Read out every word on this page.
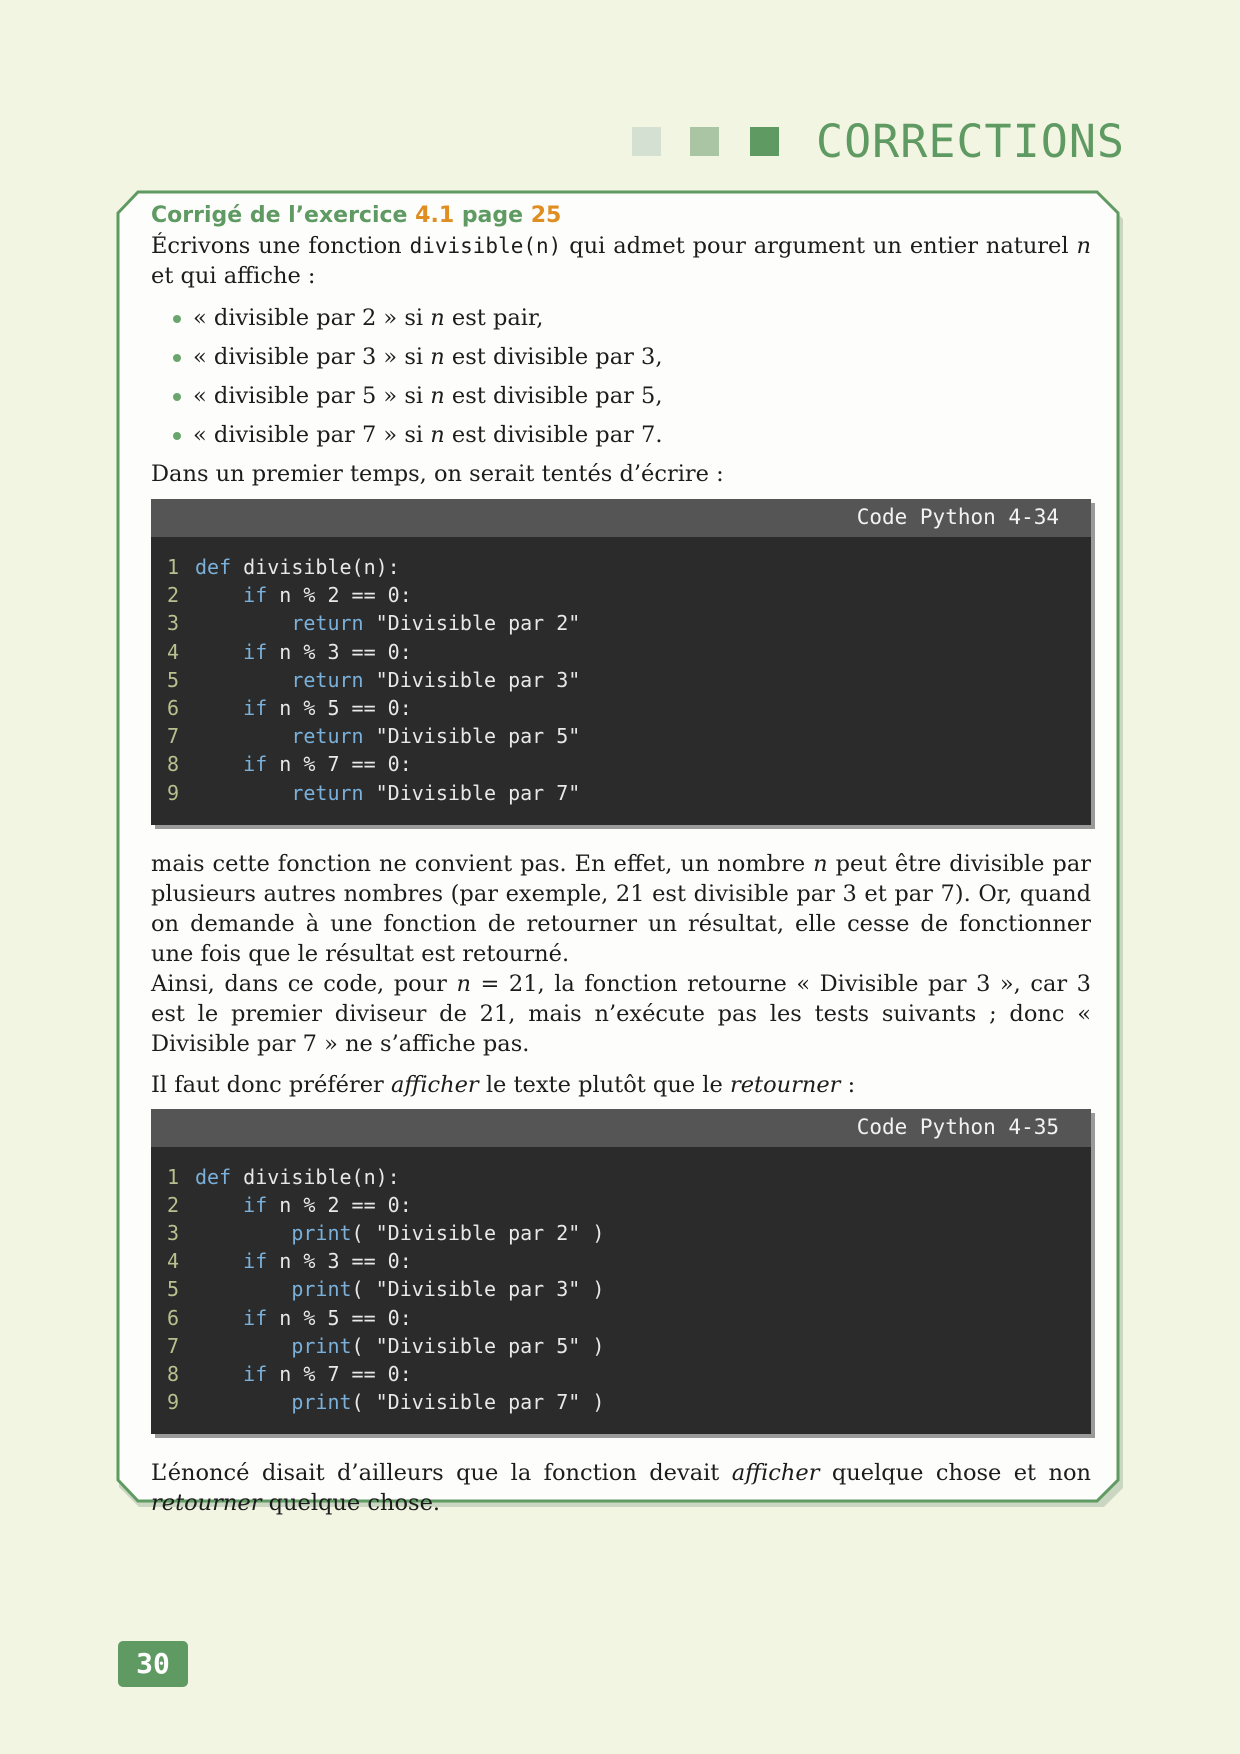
CORRECTIONS

Corrigé de l’exercice 4.1 page 25

Écrivons une fonction divisible(n) qui admet pour argument un entier naturel n et qui affiche :

« divisible par 2 » si n est pair,
« divisible par 3 » si n est divisible par 3,
« divisible par 5 » si n est divisible par 5,
« divisible par 7 » si n est divisible par 7.

Dans un premier temps, on serait tentés d’écrire :

Code Python 4-34
1 def divisible(n):
2	if n % 2 == 0:
3	return "Divisible par 2"
4	if n % 3 == 0:
5	return "Divisible par 3"
6	if n % 5 == 0:
7	return "Divisible par 5"
8	if n % 7 == 0:
9	return "Divisible par 7"

mais cette fonction ne convient pas. En effet, un nombre n peut être divisible par plusieurs autres nombres (par exemple, 21 est divisible par 3 et par 7). Or, quand on demande à une fonction de retourner un résultat, elle cesse de fonctionner une fois que le résultat est retourné.

Ainsi, dans ce code, pour n = 21, la fonction retourne « Divisible par 3 », car 3 est le premier diviseur de 21, mais n’exécute pas les tests suivants ; donc « Divisible par 7 » ne s’affiche pas.

Il faut donc préférer afficher le texte plutôt que le retourner :

Code Python 4-35
1 def divisible(n):
2	if n % 2 == 0:
3	print( "Divisible par 2" )
4	if n % 3 == 0:
5	print( "Divisible par 3" )
6	if n % 5 == 0:
7	print( "Divisible par 5" )
8	if n % 7 == 0:
9	print( "Divisible par 7" )

L’énoncé disait d’ailleurs que la fonction devait afficher quelque chose et non retourner quelque chose.

30
